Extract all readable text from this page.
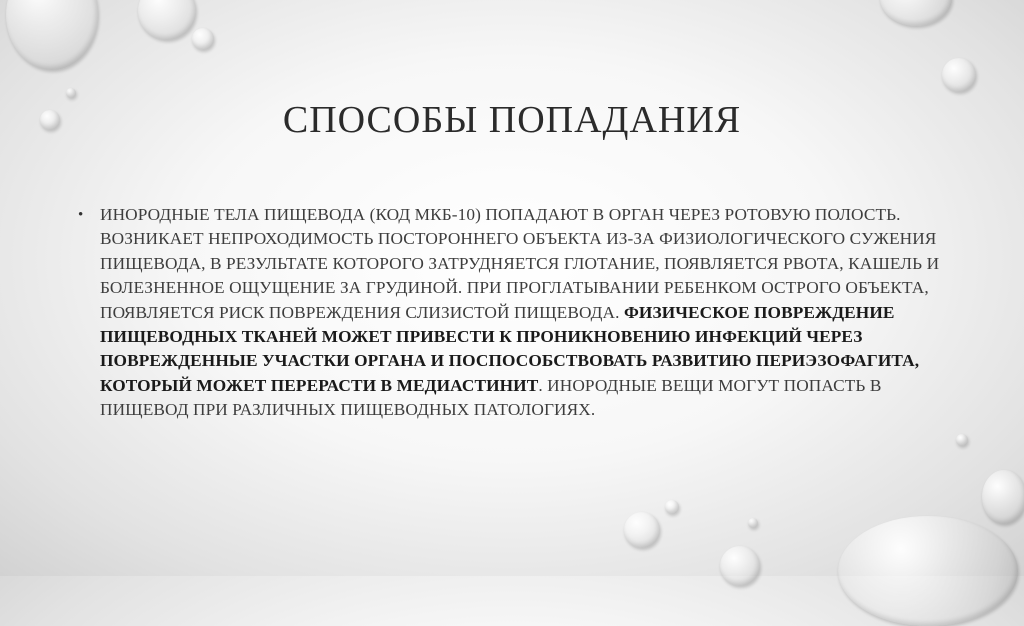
СПОСОБЫ ПОПАДАНИЯ
• ИНОРОДНЫЕ ТЕЛА ПИЩЕВОДА (КОД МКБ-10) ПОПАДАЮТ В ОРГАН ЧЕРЕЗ РОТОВУЮ ПОЛОСТЬ. ВОЗНИКАЕТ НЕПРОХОДИМОСТЬ ПОСТОРОННЕГО ОБЪЕКТА ИЗ-ЗА ФИЗИОЛОГИЧЕСКОГО СУЖЕНИЯ ПИЩЕВОДА, В РЕЗУЛЬТАТЕ КОТОРОГО ЗАТРУДНЯЕТСЯ ГЛОТАНИЕ, ПОЯВЛЯЕТСЯ РВОТА, КАШЕЛЬ И БОЛЕЗНЕННОЕ ОЩУЩЕНИЕ ЗА ГРУДИНОЙ. ПРИ ПРОГЛАТЫВАНИИ РЕБЕНКОМ ОСТРОГО ОБЪЕКТА, ПОЯВЛЯЕТСЯ РИСК ПОВРЕЖДЕНИЯ СЛИЗИСТОЙ ПИЩЕВОДА. ФИЗИЧЕСКОЕ ПОВРЕЖДЕНИЕ ПИЩЕВОДНЫХ ТКАНЕЙ МОЖЕТ ПРИВЕСТИ К ПРОНИКНОВЕНИЮ ИНФЕКЦИЙ ЧЕРЕЗ ПОВРЕЖДЕННЫЕ УЧАСТКИ ОРГАНА И ПОСПОСОБСТВОВАТЬ РАЗВИТИЮ ПЕРИЭЗОФАГИТА, КОТОРЫЙ МОЖЕТ ПЕРЕРАСТИ В МЕДИАСТИНИТ. ИНОРОДНЫЕ ВЕЩИ МОГУТ ПОПАСТЬ В ПИЩЕВОД ПРИ РАЗЛИЧНЫХ ПИЩЕВОДНЫХ ПАТОЛОГИЯХ.
